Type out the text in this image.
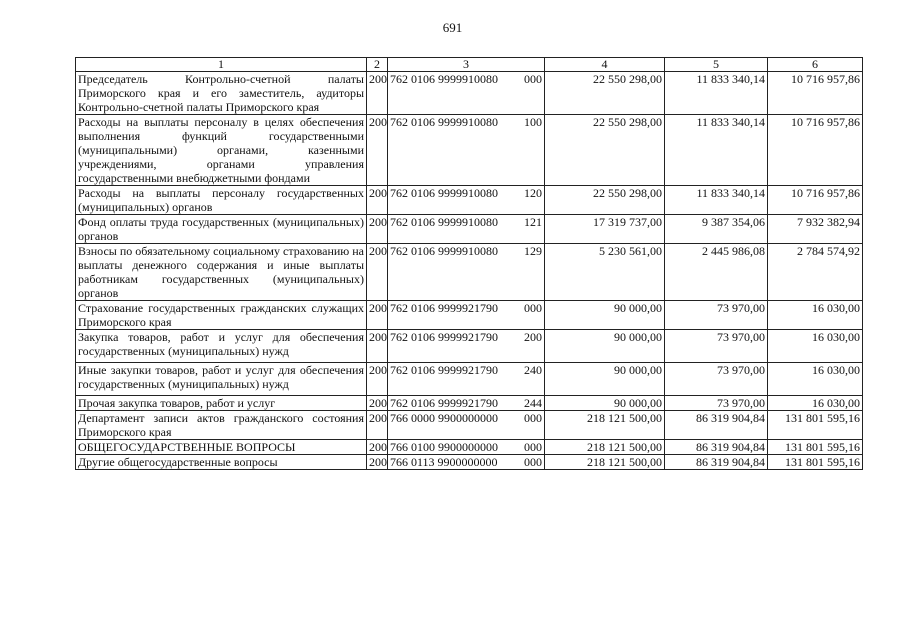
691
1	2	3	4	5	6
Председатель Контрольно-счетной палаты Приморского края и его заместитель, аудиторы Контрольно-счетной палаты Приморского края	200	762 0106 9999910080 000	22 550 298,00	11 833 340,14	10 716 957,86
Расходы на выплаты персоналу в целях обеспечения выполнения функций государственными (муниципальными) органами, казенными учреждениями, органами управления государственными внебюджетными фондами	200	762 0106 9999910080 100	22 550 298,00	11 833 340,14	10 716 957,86
Расходы на выплаты персоналу государственных (муниципальных) органов	200	762 0106 9999910080 120	22 550 298,00	11 833 340,14	10 716 957,86
Фонд оплаты труда государственных (муниципальных) органов	200	762 0106 9999910080 121	17 319 737,00	9 387 354,06	7 932 382,94
Взносы по обязательному социальному страхованию на выплаты денежного содержания и иные выплаты работникам государственных (муниципальных) органов	200	762 0106 9999910080 129	5 230 561,00	2 445 986,08	2 784 574,92
Страхование государственных гражданских служащих Приморского края	200	762 0106 9999921790 000	90 000,00	73 970,00	16 030,00
Закупка товаров, работ и услуг для обеспечения государственных (муниципальных) нужд	200	762 0106 9999921790 200	90 000,00	73 970,00	16 030,00
Иные закупки товаров, работ и услуг для обеспечения государственных (муниципальных) нужд	200	762 0106 9999921790 240	90 000,00	73 970,00	16 030,00
Прочая закупка товаров, работ и услуг	200	762 0106 9999921790 244	90 000,00	73 970,00	16 030,00
Департамент записи актов гражданского состояния Приморского края	200	766 0000 9900000000 000	218 121 500,00	86 319 904,84	131 801 595,16
ОБЩЕГОСУДАРСТВЕННЫЕ ВОПРОСЫ	200	766 0100 9900000000 000	218 121 500,00	86 319 904,84	131 801 595,16
Другие общегосударственные вопросы	200	766 0113 9900000000 000	218 121 500,00	86 319 904,84	131 801 595,16
